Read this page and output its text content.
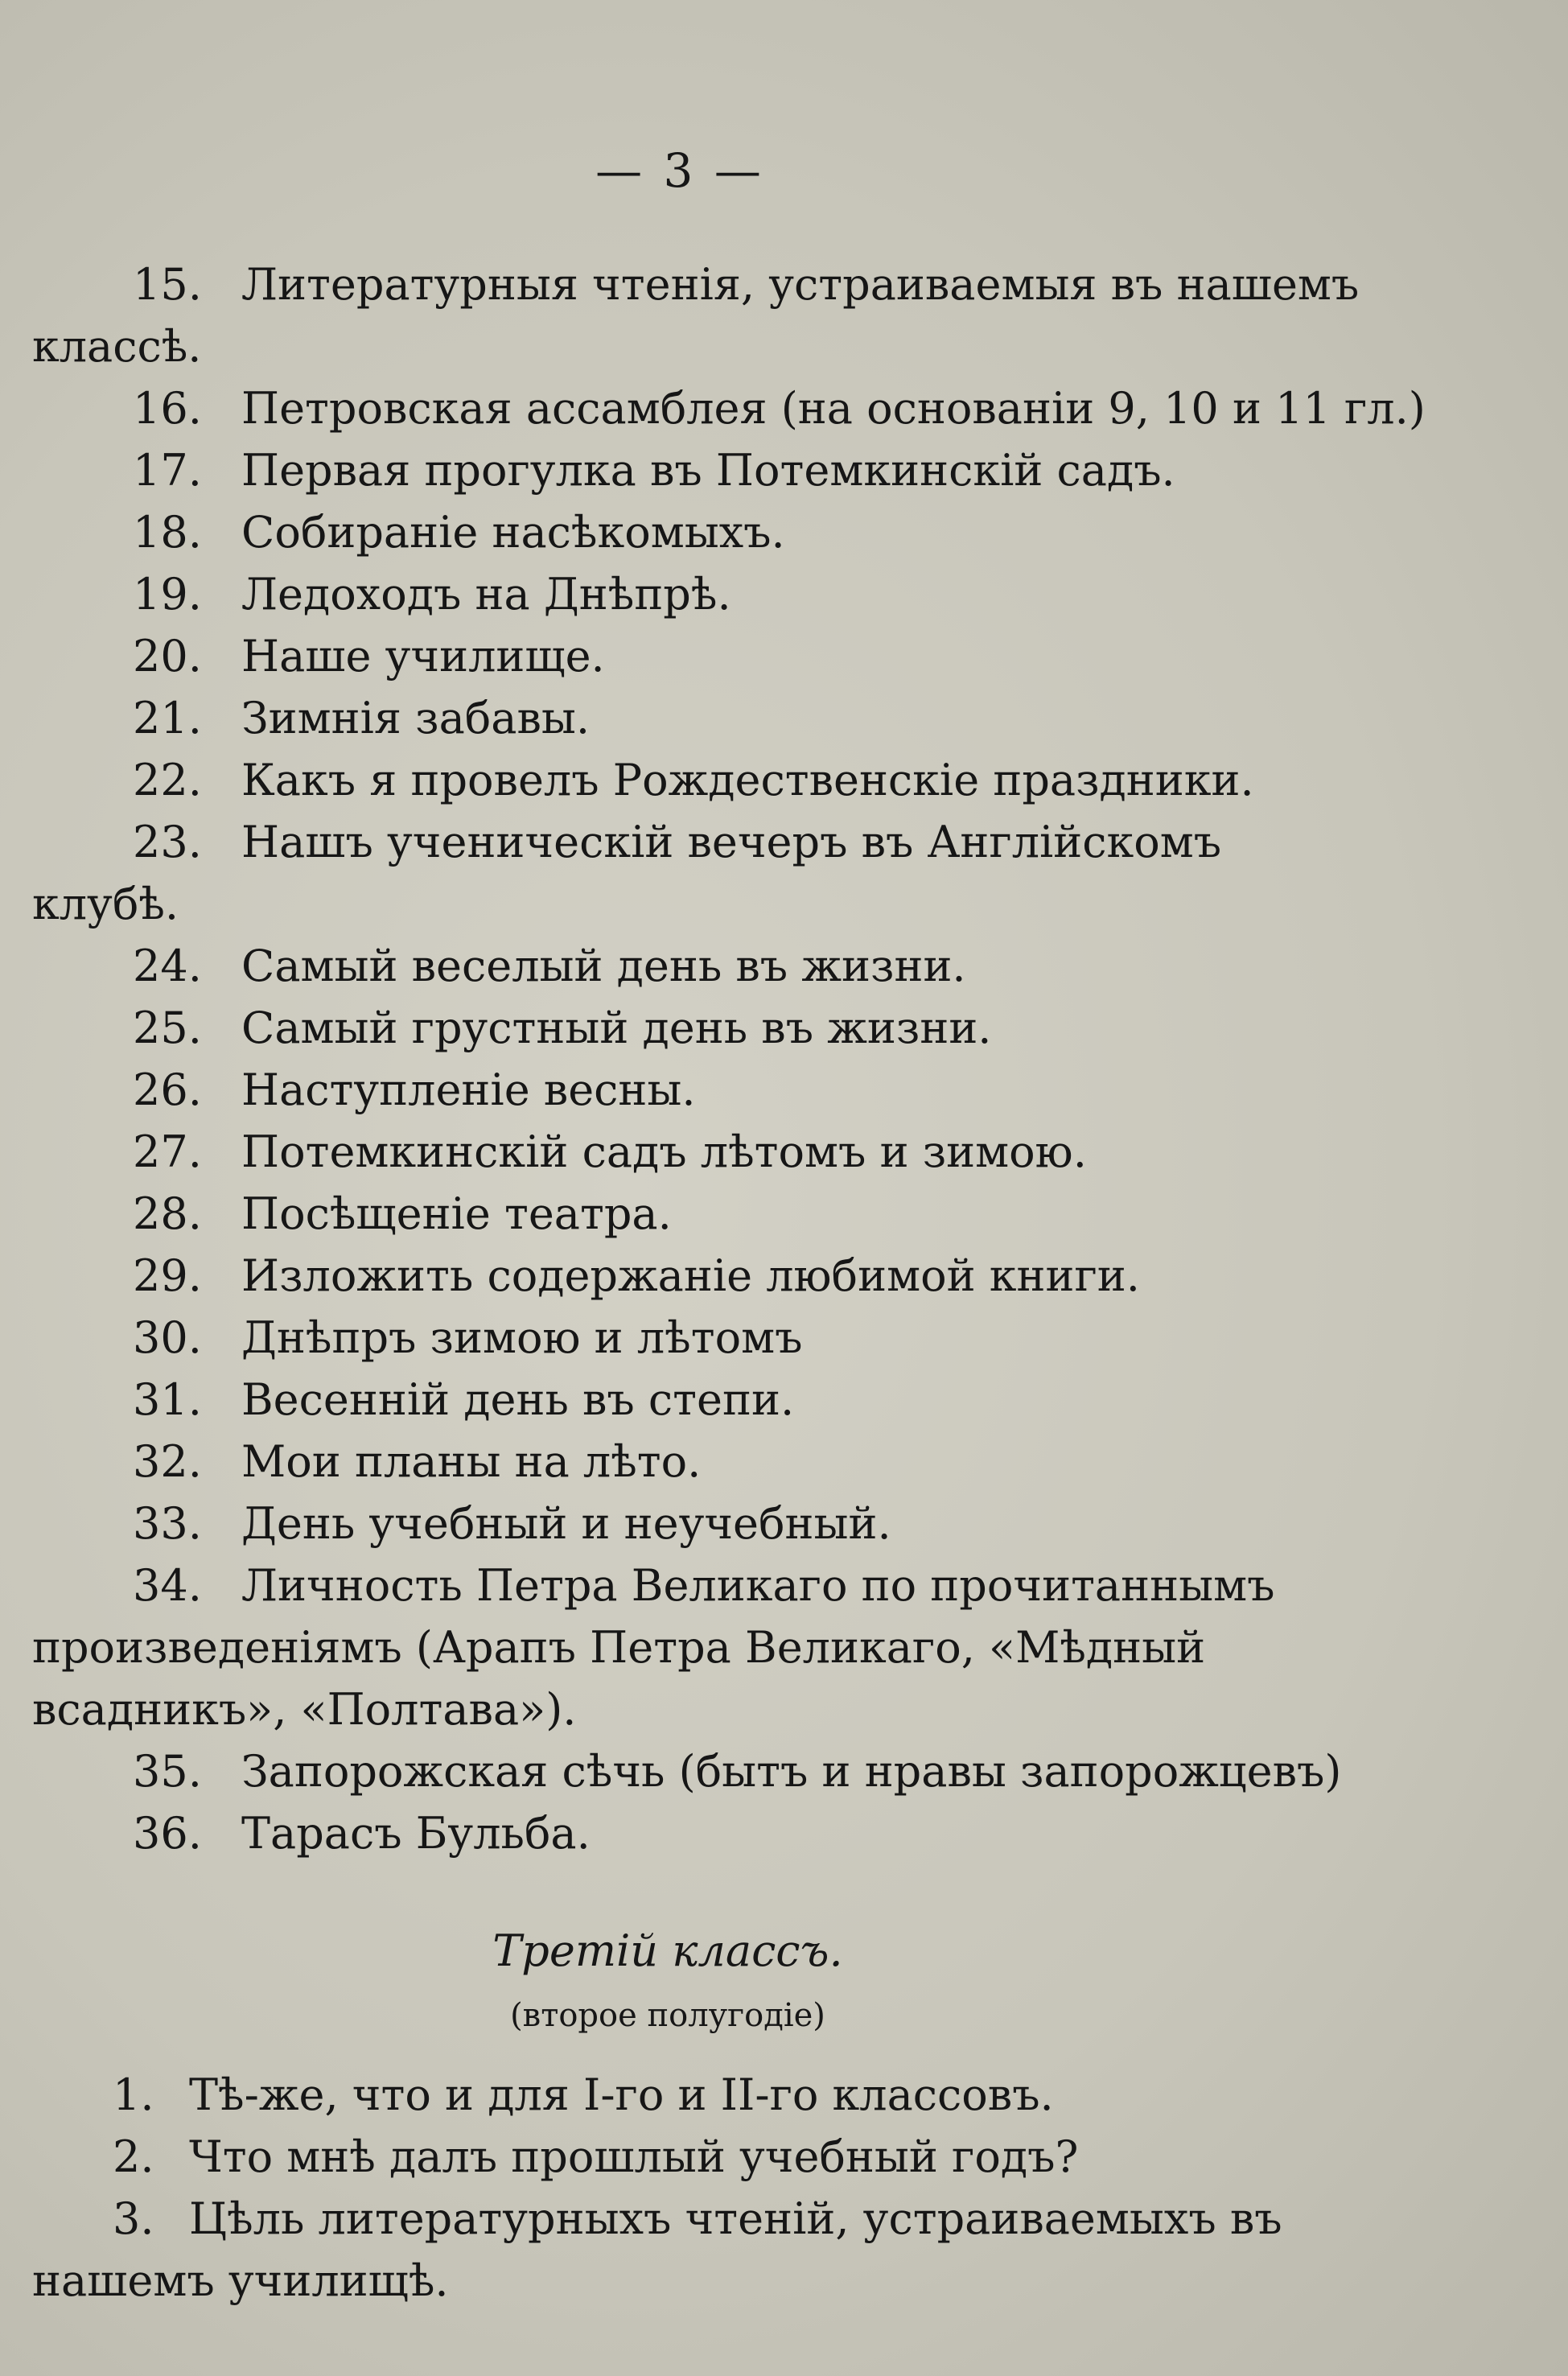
— 3 —
15. Литературныя чтенія, устраиваемыя въ нашемъ
классѣ.
16. Петровская ассамблея (на основаніи 9, 10 и 11 гл.)
17. Первая прогулка въ Потемкинскій садъ.
18. Собираніе насѣкомыхъ.
19. Ледоходъ на Днѣпрѣ.
20. Наше училище.
21. Зимнія забавы.
22. Какъ я провелъ Рождественскіе праздники.
23. Нашъ ученическій вечеръ въ Англійскомъ
клубѣ.
24. Самый веселый день въ жизни.
25. Самый грустный день въ жизни.
26. Наступленіе весны.
27. Потемкинскій садъ лѣтомъ и зимою.
28. Посѣщеніе театра.
29. Изложить содержаніе любимой книги.
30. Днѣпръ зимою и лѣтомъ
31. Весенній день въ степи.
32. Мои планы на лѣто.
33. День учебный и неучебный.
34. Личность Петра Великаго по прочитаннымъ
произведеніямъ (Арапъ Петра Великаго, «Мѣдный
всадникъ», «Полтава»).
35. Запорожская сѣчь (бытъ и нравы запорожцевъ)
36. Тарасъ Бульба.
Третій классъ.
(второе полугодіе)
1. Тѣ-же, что и для І-го и ІІ-го классовъ.
2. Что мнѣ далъ прошлый учебный годъ?
3. Цѣль литературныхъ чтеній, устраиваемыхъ въ
нашемъ училищѣ.
